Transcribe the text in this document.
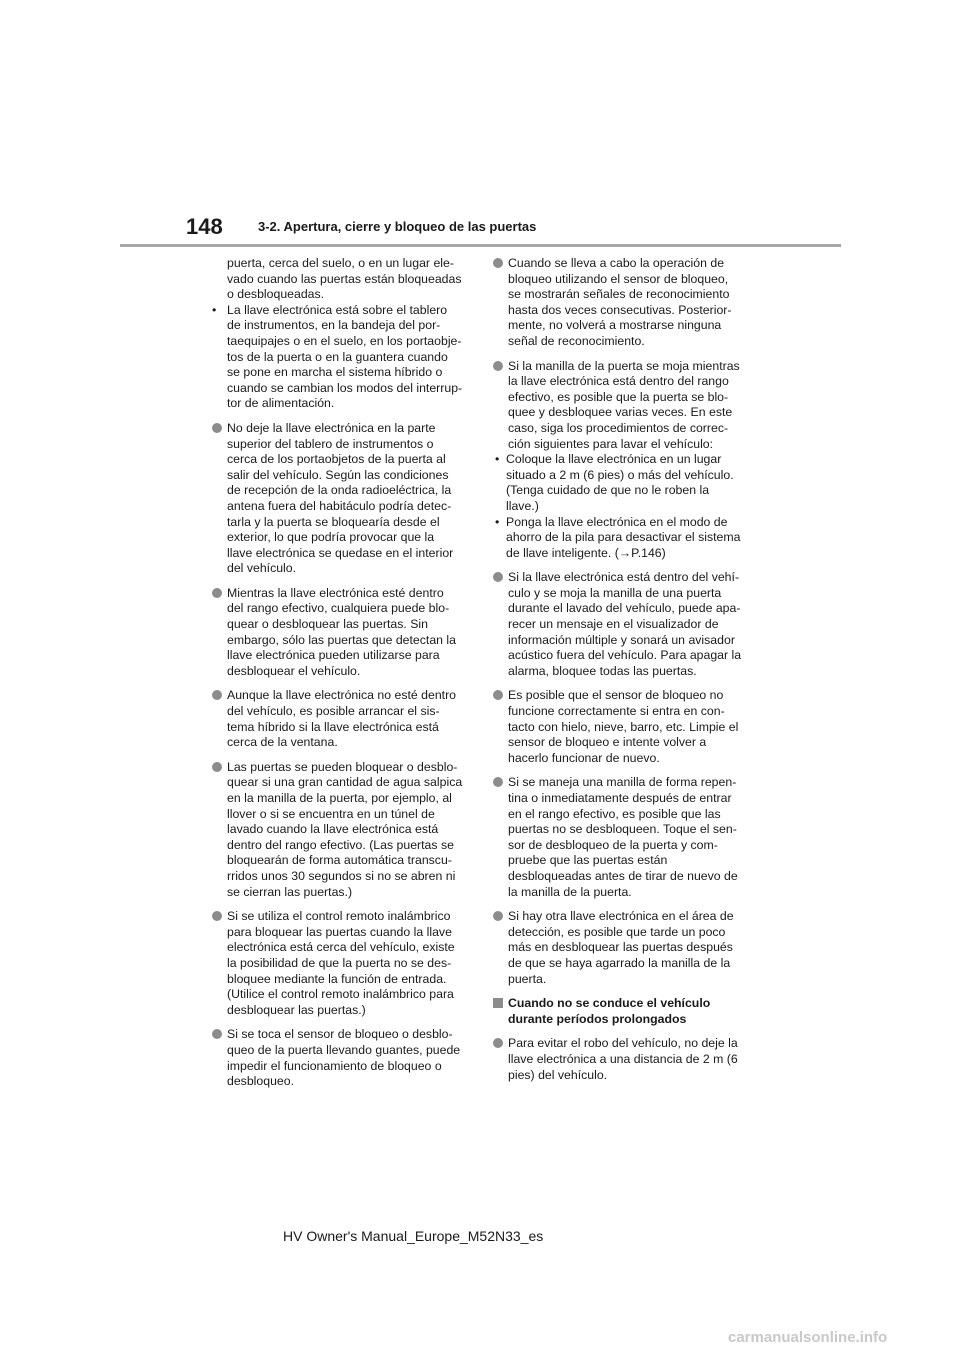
148	3-2. Apertura, cierre y bloqueo de las puertas
puerta, cerca del suelo, o en un lugar ele-
vado cuando las puertas están bloqueadas
o desbloqueadas.
• La llave electrónica está sobre el tablero
de instrumentos, en la bandeja del por-
taequipajes o en el suelo, en los portaobje-
tos de la puerta o en la guantera cuando
se pone en marcha el sistema híbrido o
cuando se cambian los modos del interrup-
tor de alimentación.
No deje la llave electrónica en la parte
superior del tablero de instrumentos o
cerca de los portaobjetos de la puerta al
salir del vehículo. Según las condiciones
de recepción de la onda radioeléctrica, la
antena fuera del habitáculo podría detec-
tarla y la puerta se bloquearía desde el
exterior, lo que podría provocar que la
llave electrónica se quedase en el interior
del vehículo.
Mientras la llave electrónica esté dentro
del rango efectivo, cualquiera puede blo-
quear o desbloquear las puertas. Sin
embargo, sólo las puertas que detectan la
llave electrónica pueden utilizarse para
desbloquear el vehículo.
Aunque la llave electrónica no esté dentro
del vehículo, es posible arrancar el sis-
tema híbrido si la llave electrónica está
cerca de la ventana.
Las puertas se pueden bloquear o desblo-
quear si una gran cantidad de agua salpica
en la manilla de la puerta, por ejemplo, al
llover o si se encuentra en un túnel de
lavado cuando la llave electrónica está
dentro del rango efectivo. (Las puertas se
bloquearán de forma automática transcu-
rridos unos 30 segundos si no se abren ni
se cierran las puertas.)
Si se utiliza el control remoto inalámbrico
para bloquear las puertas cuando la llave
electrónica está cerca del vehículo, existe
la posibilidad de que la puerta no se des-
bloquee mediante la función de entrada.
(Utilice el control remoto inalámbrico para
desbloquear las puertas.)
Si se toca el sensor de bloqueo o desblo-
queo de la puerta llevando guantes, puede
impedir el funcionamiento de bloqueo o
desbloqueo.
Cuando se lleva a cabo la operación de
bloqueo utilizando el sensor de bloqueo,
se mostrarán señales de reconocimiento
hasta dos veces consecutivas. Posterior-
mente, no volverá a mostrarse ninguna
señal de reconocimiento.
Si la manilla de la puerta se moja mientras
la llave electrónica está dentro del rango
efectivo, es posible que la puerta se blo-
quee y desbloquee varias veces. En este
caso, siga los procedimientos de correc-
ción siguientes para lavar el vehículo:
• Coloque la llave electrónica en un lugar
situado a 2 m (6 pies) o más del vehículo.
(Tenga cuidado de que no le roben la
llave.)
• Ponga la llave electrónica en el modo de
ahorro de la pila para desactivar el sistema
de llave inteligente. (→P.146)
Si la llave electrónica está dentro del vehí-
culo y se moja la manilla de una puerta
durante el lavado del vehículo, puede apa-
recer un mensaje en el visualizador de
información múltiple y sonará un avisador
acústico fuera del vehículo. Para apagar la
alarma, bloquee todas las puertas.
Es posible que el sensor de bloqueo no
funcione correctamente si entra en con-
tacto con hielo, nieve, barro, etc. Limpie el
sensor de bloqueo e intente volver a
hacerlo funcionar de nuevo.
Si se maneja una manilla de forma repen-
tina o inmediatamente después de entrar
en el rango efectivo, es posible que las
puertas no se desbloqueen. Toque el sen-
sor de desbloqueo de la puerta y com-
pruebe que las puertas están
desbloqueadas antes de tirar de nuevo de
la manilla de la puerta.
Si hay otra llave electrónica en el área de
detección, es posible que tarde un poco
más en desbloquear las puertas después
de que se haya agarrado la manilla de la
puerta.
Cuando no se conduce el vehículo
durante períodos prolongados
Para evitar el robo del vehículo, no deje la
llave electrónica a una distancia de 2 m (6
pies) del vehículo.
HV Owner's Manual_Europe_M52N33_es
carmanualsonline.info
